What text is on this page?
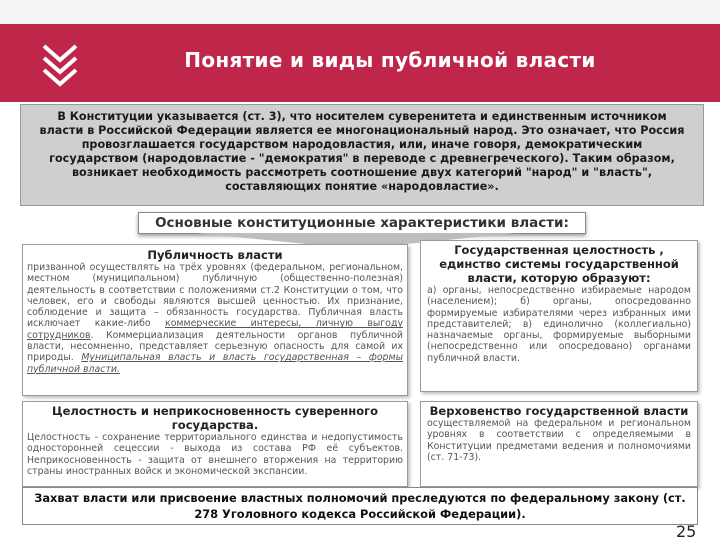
Понятие и виды публичной власти
В Конституции указывается (ст. 3), что носителем суверенитета и единственным источником власти в Российской Федерации является ее многонациональный народ. Это означает, что Россия провозглашается государством народовластия, или, иначе говоря, демократическим государством (народовластие - "демократия" в переводе с древнегреческого). Таким образом, возникает необходимость рассмотреть соотношение двух категорий "народ" и "власть", составляющих понятие «народовластие».
Основные конституционные характеристики власти:
Публичность власти
призванной осуществлять на трёх уровнях (федеральном, региональном, местном (муниципальном) публичную (общественно-полезная) деятельность в соответствии с положениями ст.2 Конституции о том, что человек, его и свободы являются высшей ценностью. Их признание, соблюдение и защита – обязанность государства. Публичная власть исключает какие-либо коммерческие интересы, личную выгоду сотрудников. Коммерциализация деятельности органов публичной власти, несомненно, представляет серьезную опасность для самой их природы. Муниципальная власть и власть государственная – формы публичной власти.
Государственная целостность , единство системы государственной власти, которую образуют:
а) органы, непосредственно избираемые народом (населением); б) органы, опосредованно формируемые избирателями через избранных ими представителей; в) единолично (коллегиально) назначаемые органы, формируемые выборными (непосредственно или опосредовано) органами публичной власти.
Целостность и неприкосновенность суверенного государства.
Целостность - сохранение территориального единства и недопустимость односторонней сецессии - выхода из состава РФ её субъектов. Неприкосновенность - защита от внешнего вторжения на территорию страны иностранных войск и экономической экспансии.
Верховенство государственной власти
осуществляемой на федеральном и региональном уровнях в соответствии с определяемыми в Конституции предметами ведения и полномочиями (ст. 71-73).
Захват власти или присвоение властных полномочий преследуются по федеральному закону (ст. 278 Уголовного кодекса Российской Федерации).
25
